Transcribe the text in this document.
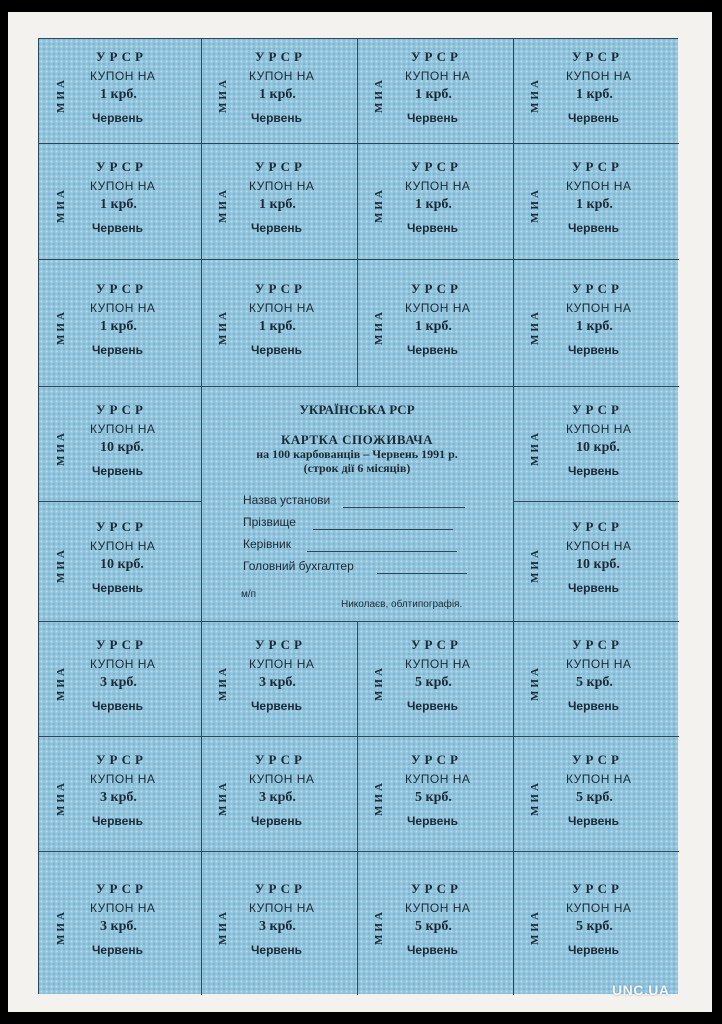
УРСР
МИА
КУПОН НА
1 крб.
Червень
УРСР
МИА
КУПОН НА
1 крб.
Червень
УРСР
МИА
КУПОН НА
1 крб.
Червень
УРСР
МИА
КУПОН НА
1 крб.
Червень
УРСР
МИА
КУПОН НА
1 крб.
Червень
УРСР
МИА
КУПОН НА
1 крб.
Червень
УРСР
МИА
КУПОН НА
1 крб.
Червень
УРСР
МИА
КУПОН НА
1 крб.
Червень
УРСР
МИА
КУПОН НА
1 крб.
Червень
УРСР
МИА
КУПОН НА
1 крб.
Червень
УРСР
МИА
КУПОН НА
1 крб.
Червень
УРСР
МИА
КУПОН НА
1 крб.
Червень
УРСР
МИА
КУПОН НА
10 крб.
Червень
УРСР
МИА
КУПОН НА
10 крб.
Червень
УРСР
МИА
КУПОН НА
10 крб.
Червень
УРСР
МИА
КУПОН НА
10 крб.
Червень
УРСР
МИА
КУПОН НА
3 крб.
Червень
УРСР
МИА
КУПОН НА
3 крб.
Червень
УРСР
МИА
КУПОН НА
5 крб.
Червень
УРСР
МИА
КУПОН НА
5 крб.
Червень
УРСР
МИА
КУПОН НА
3 крб.
Червень
УРСР
МИА
КУПОН НА
3 крб.
Червень
УРСР
МИА
КУПОН НА
5 крб.
Червень
УРСР
МИА
КУПОН НА
5 крб.
Червень
УРСР
МИА
КУПОН НА
3 крб.
Червень
УРСР
МИА
КУПОН НА
3 крб.
Червень
УРСР
МИА
КУПОН НА
5 крб.
Червень
УРСР
МИА
КУПОН НА
5 крб.
Червень
УКРАЇНСЬКА РСР
КАРТКА СПОЖИВАЧА
на 100 карбованців – Червень 1991 р.
(строк дії 6 місяців)
Назва установи
Прізвище
Керівник
Головний бухгалтер
м/п
Николаєв, облтипографія.
UNC.UA
